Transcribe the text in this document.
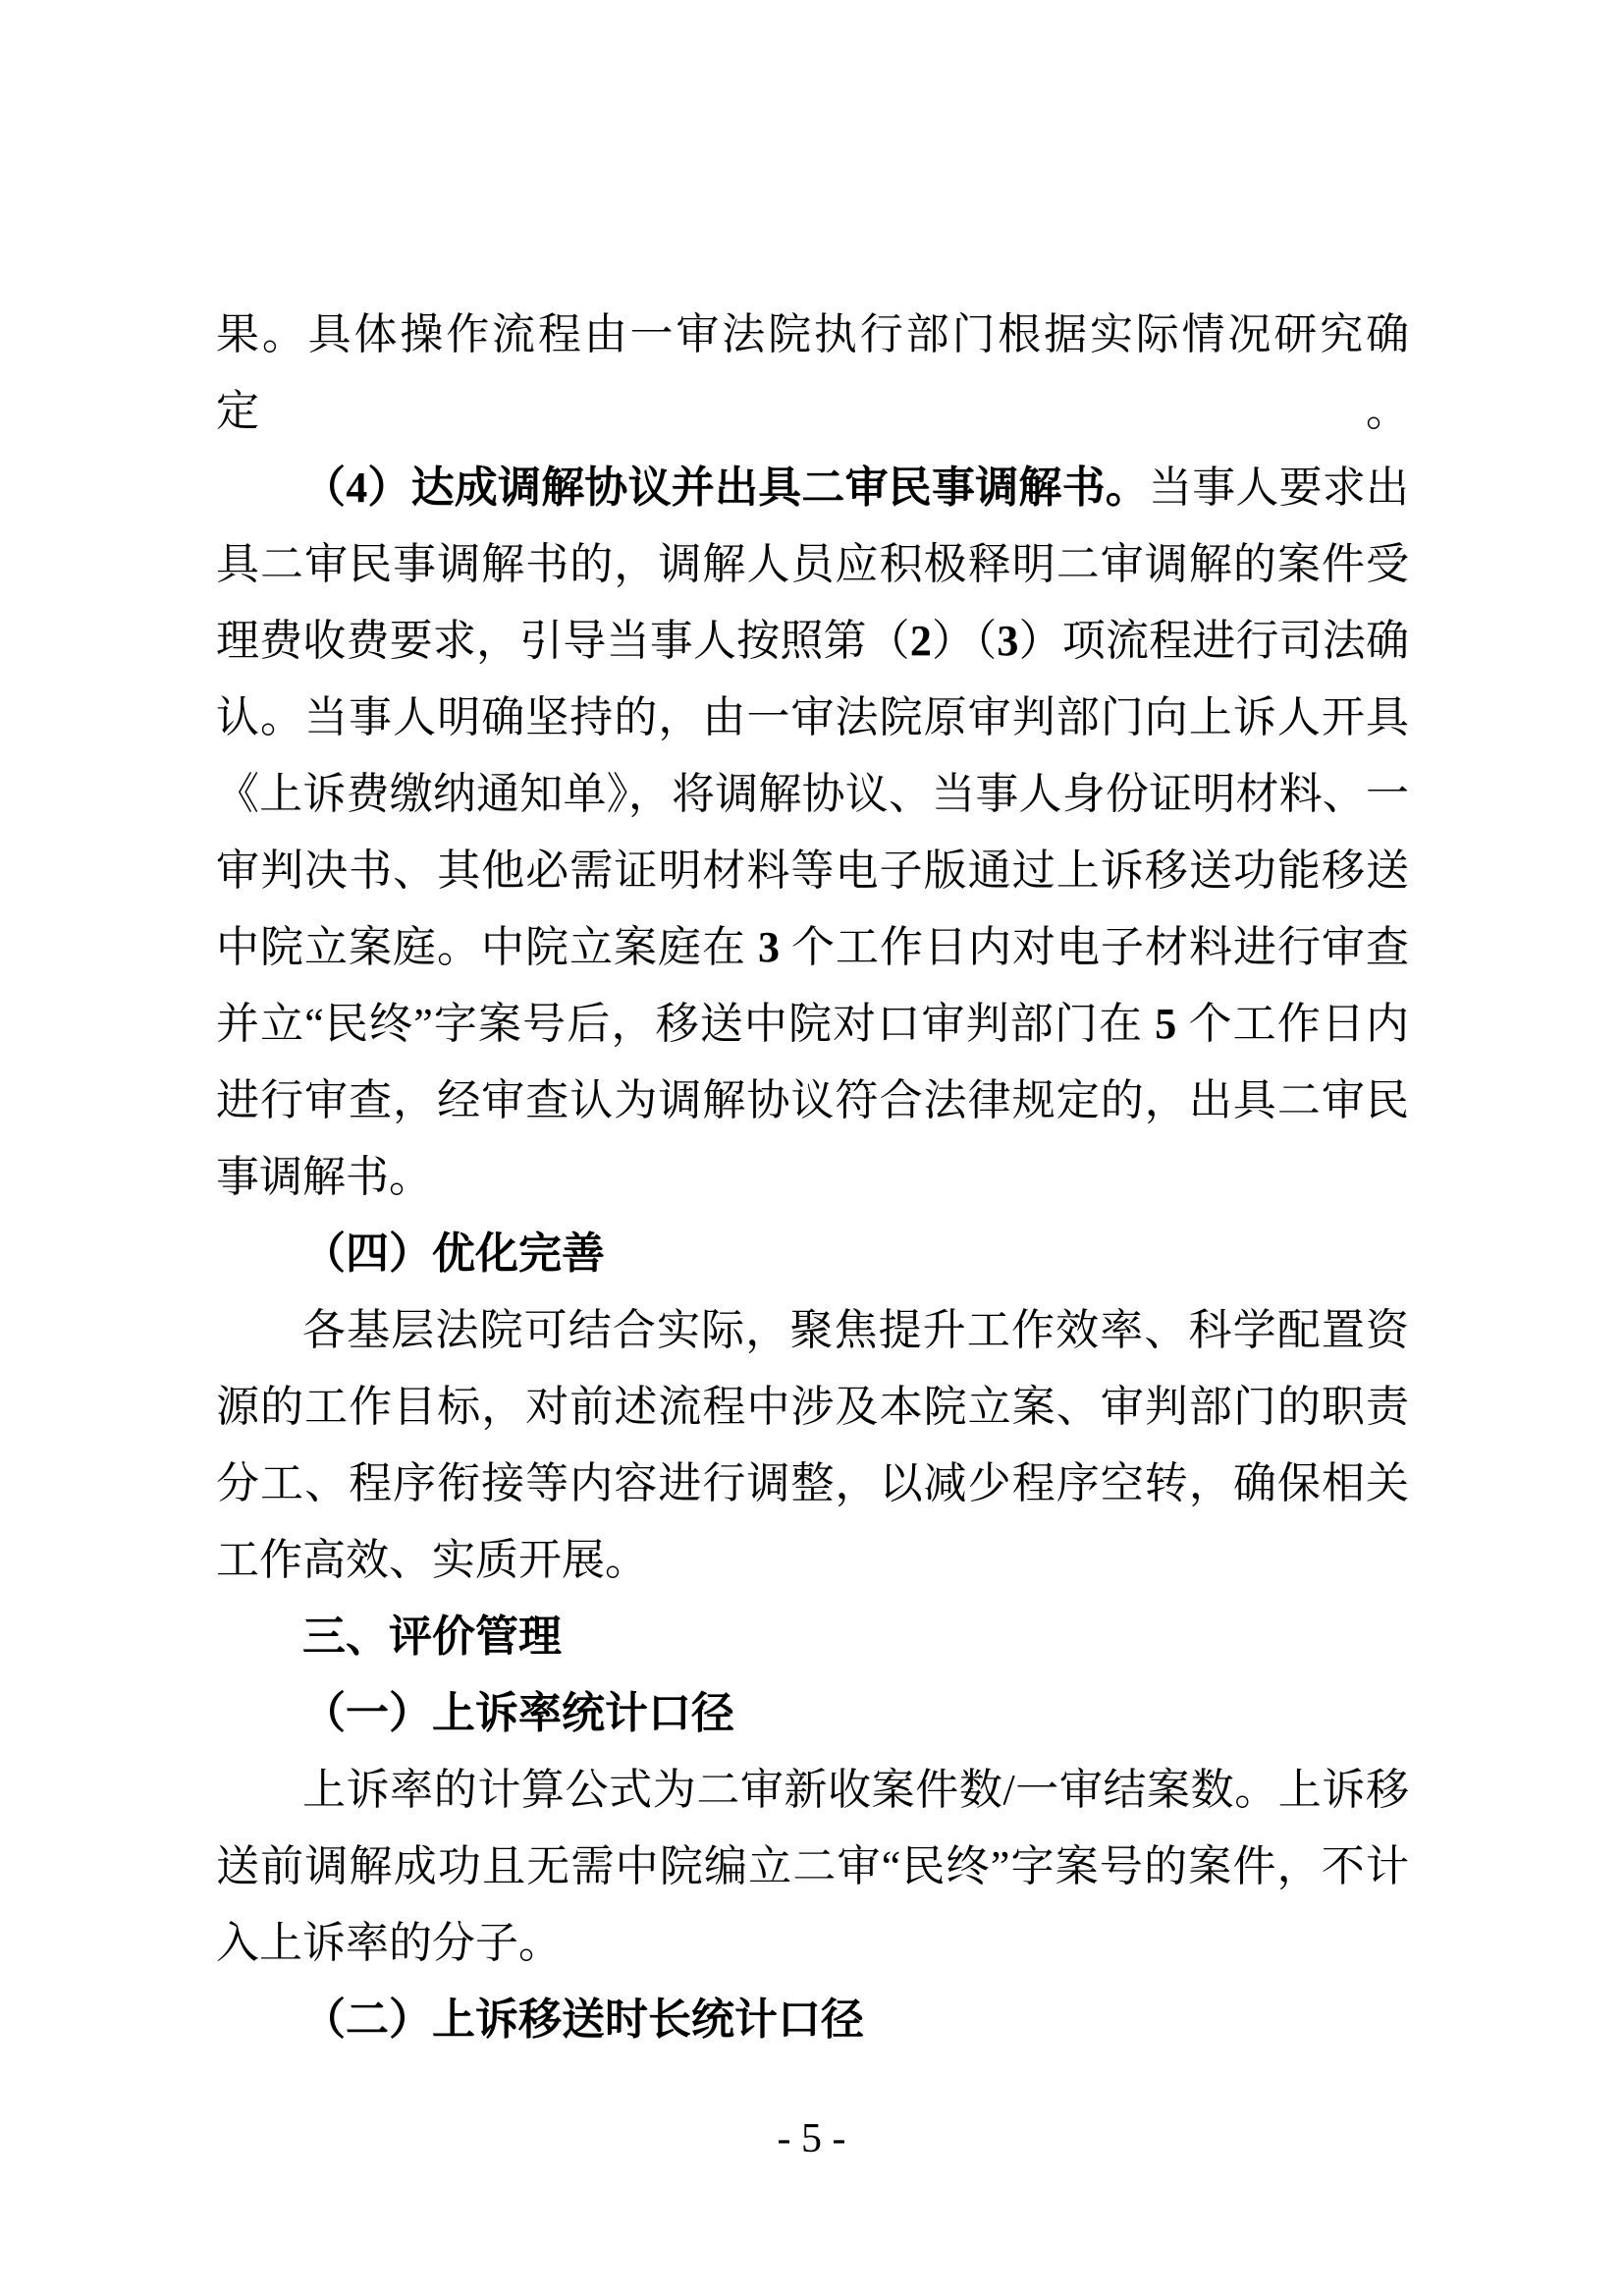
果。具体操作流程由一审法院执行部门根据实际情况研究确定。

（4）达成调解协议并出具二审民事调解书。当事人要求出

具二审民事调解书的，调解人员应积极释明二审调解的案件受

理费收费要求，引导当事人按照第（2）（3）项流程进行司法确

认。当事人明确坚持的，由一审法院原审判部门向上诉人开具

《上诉费缴纳通知单》，将调解协议、当事人身份证明材料、一

审判决书、其他必需证明材料等电子版通过上诉移送功能移送

中院立案庭。中院立案庭在 3 个工作日内对电子材料进行审查

并立“民终”字案号后，移送中院对口审判部门在 5 个工作日内

进行审查，经审查认为调解协议符合法律规定的，出具二审民

事调解书。

（四）优化完善

各基层法院可结合实际，聚焦提升工作效率、科学配置资

源的工作目标，对前述流程中涉及本院立案、审判部门的职责

分工、程序衔接等内容进行调整，以减少程序空转，确保相关

工作高效、实质开展。

三、评价管理

（一）上诉率统计口径

上诉率的计算公式为二审新收案件数/一审结案数。上诉移

送前调解成功且无需中院编立二审“民终”字案号的案件，不计

入上诉率的分子。

（二）上诉移送时长统计口径

- 5 -
